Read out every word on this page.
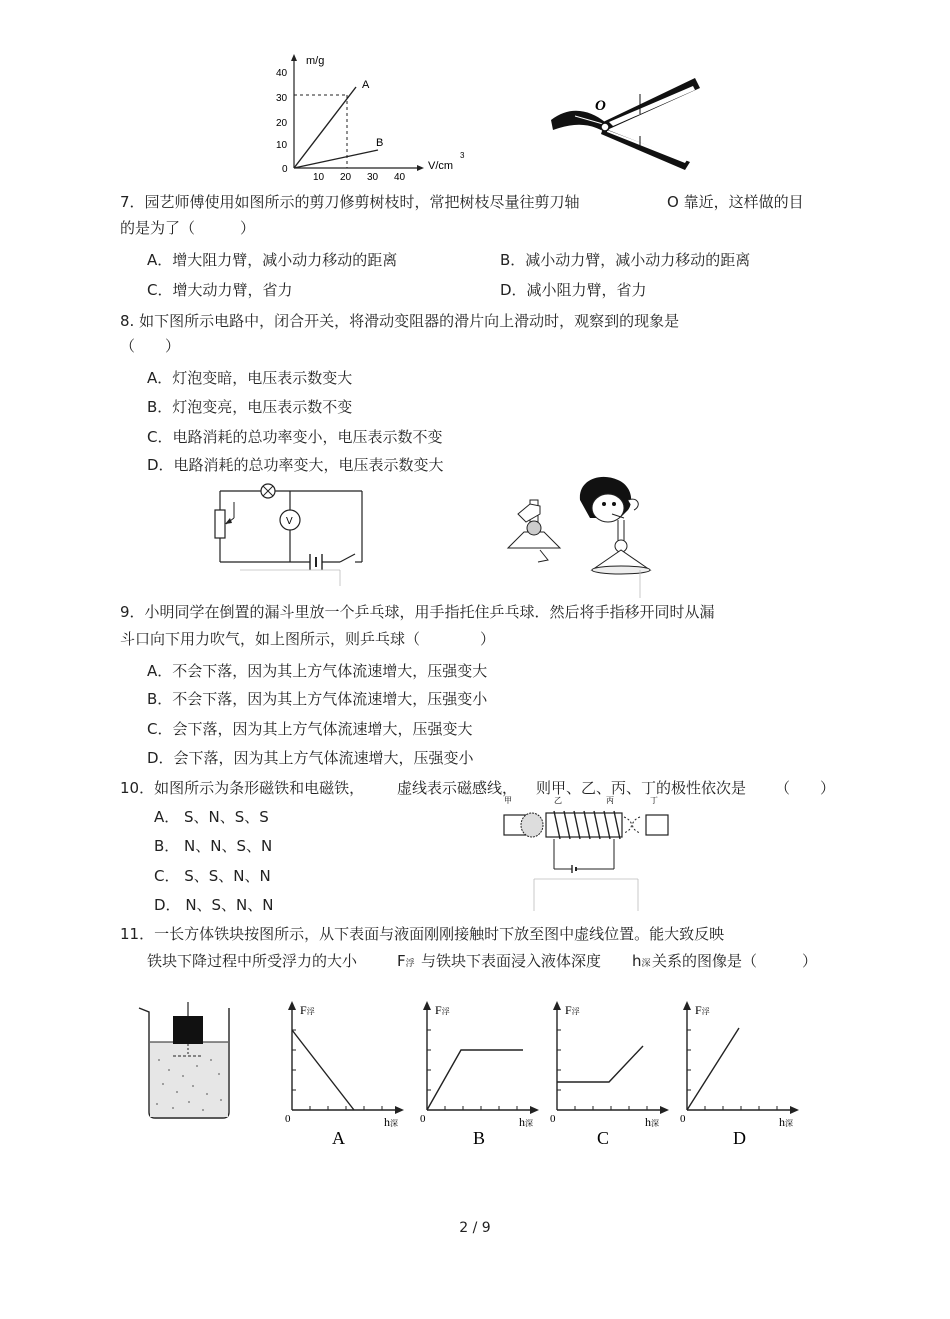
m/g
40
30
20
10
0
10 20 30 40
V/cm
3
A
B
O
7．园艺师傅使用如图所示的剪刀修剪树枝时，常把树枝尽量往剪刀轴	O 靠近，这样做的目
的是为了（　　　）
A．增大阻力臂，减小动力移动的距离	B．减小动力臂，减小动力移动的距离
C．增大动力臂，省力	D．减小阻力臂，省力
8. 如下图所示电路中，闭合开关，将滑动变阻器的滑片向上滑动时，观察到的现象是
（　　）
A．灯泡变暗，电压表示数变大
B．灯泡变亮，电压表示数不变
C．电路消耗的总功率变小，电压表示数不变
D．电路消耗的总功率变大，电压表示数变大
V
9．小明同学在倒置的漏斗里放一个乒乓球，用手指托住乒乓球．然后将手指移开同时从漏
斗口向下用力吹气，如上图所示，则乒乓球（　　　　）
A．不会下落，因为其上方气体流速增大，压强变大
B．不会下落，因为其上方气体流速增大，压强变小
C．会下落，因为其上方气体流速增大，压强变大
D．会下落，因为其上方气体流速增大，压强变小
10．如图所示为条形磁铁和电磁铁， 虚线表示磁感线， 则甲、乙、丙、丁的极性依次是 （　　）
A． S、N、S、S
B． N、N、S、N
C． S、S、N、N
D． N、S、N、N
甲	乙	丙	丁
11．一长方体铁块按图所示，从下表面与液面刚刚接触时下放至图中虚线位置。能大致反映
铁块下降过程中所受浮力的大小	F浮 与铁块下表面浸入液体深度 h深 关系的图像是（　　　）
F浮
0	h深
A
F浮
0	h深
B
F浮
0	h深
C
F浮
0	h深
D
2 / 9
